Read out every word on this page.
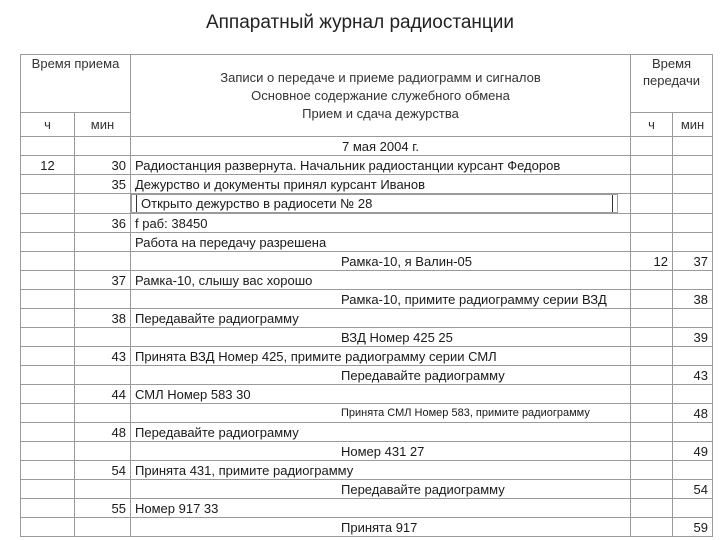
Аппаратный журнал радиостанции
Время приема		Записи о передаче и приеме радиограмм и сигналов
Основное содержание служебного обмена
Прием и сдача дежурства	Время передачи	
ч	мин		ч	мин
		7 мая 2004 г.		
12	30	Радиостанция развернута. Начальник радиостанции курсант Федоров		
	35	Дежурство и документы принял курсант Иванов		
		Открыто дежурство в радиосети № 28	
	36	f раб: 38450		
		Работа на передачу разрешена		
		Рамка-10, я Валин-05	12	37
	37	Рамка-10, слышу вас хорошо		
		Рамка-10, примите радиограмму серии ВЗД		38
	38	Передавайте радиограмму		
		ВЗД Номер 425 25		39
	43	Принята ВЗД Номер 425, примите радиограмму серии СМЛ		
		Передавайте радиограмму		43
	44	СМЛ Номер 583 30		
		Принята СМЛ Номер 583, примите радиограмму		48
	48	Передавайте радиограмму		
		Номер 431 27		49
	54	Принята 431, примите радиограмму		
		Передавайте радиограмму		54
	55	Номер 917 33		
		Принята 917		59
